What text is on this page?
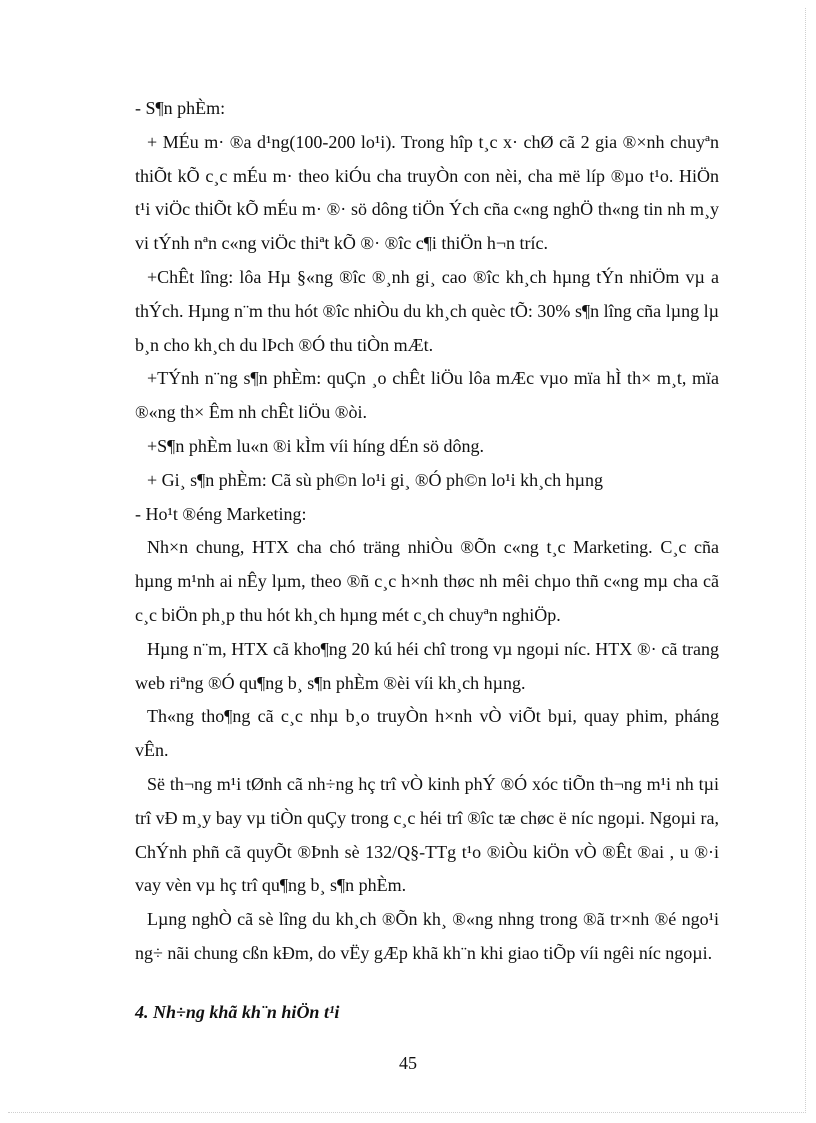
- S¶n phÈm:

+ MÉu m· ®a d¹ng(100-200 lo¹i). Trong hîp t¸c x· chØ cã 2 gia ®×nh chuyªn thiÕt kÕ c¸c mÉu m· theo kiÓu cha truyÒn con nèi, cha më líp ®µo t¹o. HiÖn t¹i viÖc thiÕt kÕ mÉu m· ®· sö dông tiÖn Ých cña c«ng nghÖ th«ng tin nh m¸y vi tÝnh nªn c«ng viÖc thiªt kÕ ®· ®îc c¶i thiÖn h¬n tríc.

+ChÊt lîng: lôa Hµ §«ng ®îc ®¸nh gi¸ cao ®îc kh¸ch hµng tÝn nhiÖm vµ a thÝch. Hµng n¨m thu hót ®îc nhiÒu du kh¸ch quèc tÕ: 30% s¶n lîng cña lµng lµ b¸n cho kh¸ch du lÞch ®Ó thu tiÒn mÆt.

+TÝnh n¨ng s¶n phÈm: quÇn ¸o chÊt liÖu lôa mÆc vµo mïa hÌ th× m¸t, mïa ®«ng th× Êm nh chÊt liÖu ®òi.

+S¶n phÈm lu«n ®i kÌm víi híng dÉn sö dông.

+ Gi¸ s¶n phÈm: Cã sù ph©n lo¹i gi¸ ®Ó ph©n lo¹i kh¸ch hµng

- Ho¹t ®éng Marketing:

Nh×n chung, HTX cha chó träng nhiÒu ®Õn c«ng t¸c Marketing. C¸c cña hµng m¹nh ai nÊy lµm, theo ®ñ c¸c h×nh thøc nh mêi chµo thñ c«ng mµ cha cã c¸c biÖn ph¸p thu hót kh¸ch hµng mét c¸ch chuyªn nghiÖp.

Hµng n¨m, HTX cã kho¶ng 20 kú héi chî trong vµ ngoµi níc. HTX ®· cã trang web riªng ®Ó qu¶ng b¸ s¶n phÈm ®èi víi kh¸ch hµng.

Th«ng tho¶ng cã c¸c nhµ b¸o truyÒn h×nh vÒ viÕt bµi, quay phim, pháng vÊn.

Së th¬ng m¹i tØnh cã nh÷ng hç trî vÒ kinh phÝ ®Ó xóc tiÕn th¬ng m¹i nh tµi trî vÐ m¸y bay vµ tiÒn quÇy trong c¸c héi trî ®îc tæ chøc ë níc ngoµi. Ngoµi ra, ChÝnh phñ cã quyÕt ®Þnh sè 132/Q§-TTg t¹o ®iÒu kiÖn vÒ ®Êt ®ai , u ®·i vay vèn vµ hç trî qu¶ng b¸ s¶n phÈm.

Lµng nghÒ cã sè lîng du kh¸ch ®Õn kh¸ ®«ng nhng trong ®ã tr×nh ®é ngo¹i ng÷ nãi chung cßn kÐm, do vËy gÆp khã kh¨n khi giao tiÕp víi ngêi níc ngoµi.

4. Nh÷ng khã kh¨n hiÖn t¹i
45
